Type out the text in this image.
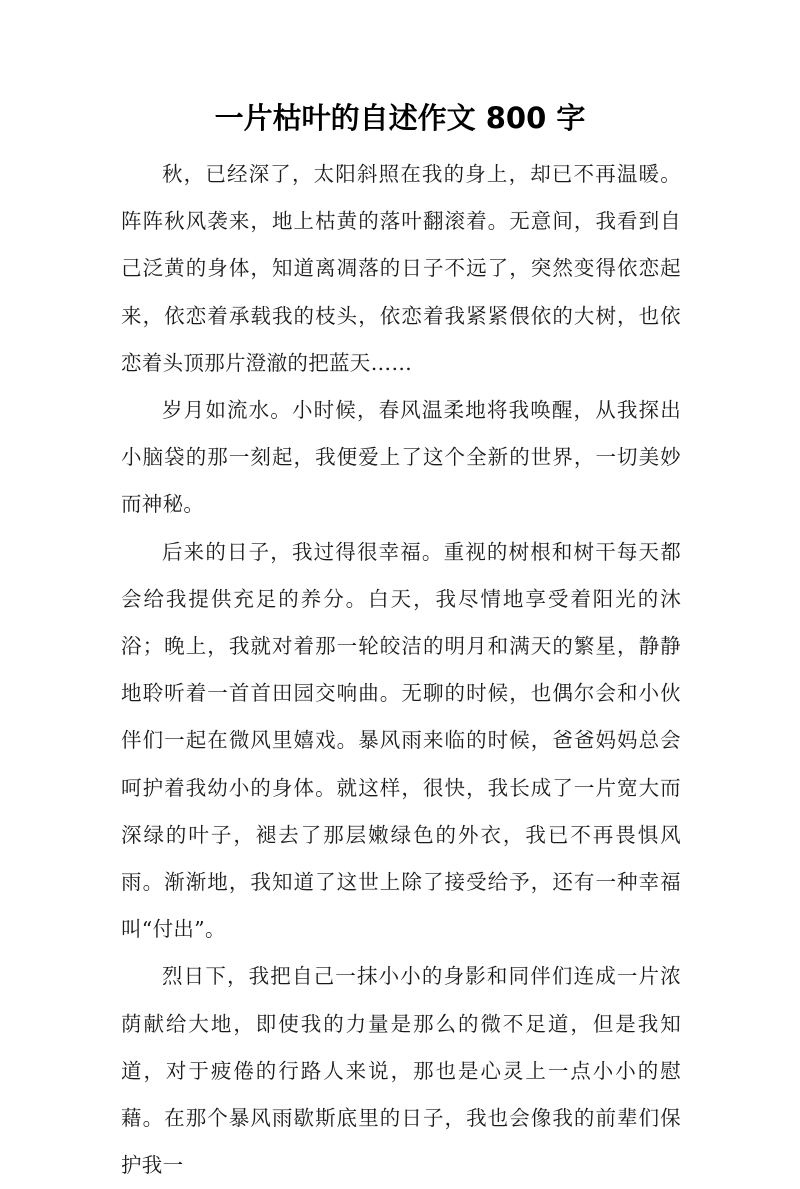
一片枯叶的自述作文 800 字

秋，已经深了，太阳斜照在我的身上，却已不再温暖。阵阵秋风袭来，地上枯黄的落叶翻滚着。无意间，我看到自己泛黄的身体，知道离凋落的日子不远了，突然变得依恋起来，依恋着承载我的枝头，依恋着我紧紧偎依的大树，也依恋着头顶那片澄澈的把蓝天……

岁月如流水。小时候，春风温柔地将我唤醒，从我探出小脑袋的那一刻起，我便爱上了这个全新的世界，一切美妙而神秘。

后来的日子，我过得很幸福。重视的树根和树干每天都会给我提供充足的养分。白天，我尽情地享受着阳光的沐浴；晚上，我就对着那一轮皎洁的明月和满天的繁星，静静地聆听着一首首田园交响曲。无聊的时候，也偶尔会和小伙伴们一起在微风里嬉戏。暴风雨来临的时候，爸爸妈妈总会呵护着我幼小的身体。就这样，很快，我长成了一片宽大而深绿的叶子，褪去了那层嫩绿色的外衣，我已不再畏惧风雨。渐渐地，我知道了这世上除了接受给予，还有一种幸福叫“付出”。

烈日下，我把自己一抹小小的身影和同伴们连成一片浓荫献给大地，即使我的力量是那么的微不足道，但是我知道，对于疲倦的行路人来说，那也是心灵上一点小小的慰藉。在那个暴风雨歇斯底里的日子，我也会像我的前辈们保护我一
